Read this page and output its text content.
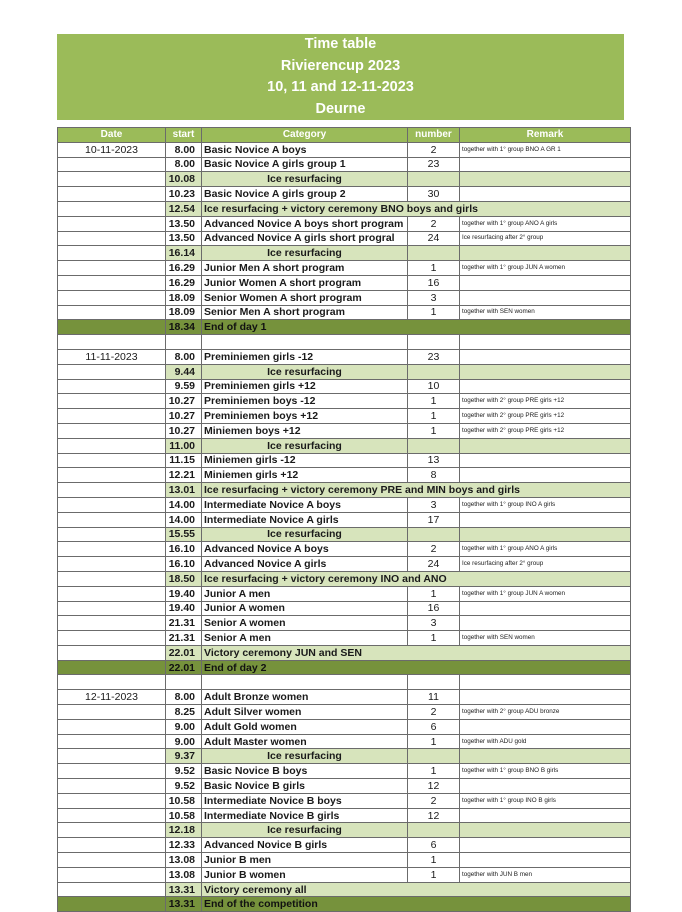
Time table
Rivierencup 2023
10, 11 and 12-11-2023
Deurne
Date	start	Category	number	Remark
10-11-2023	8.00	Basic Novice A boys	2	together with 1° group BNO A GR 1
	8.00	Basic Novice A girls group 1	23	
	10.08	Ice resurfacing		
	10.23	Basic Novice A girls group 2	30	
	12.54	Ice resurfacing + victory ceremony BNO boys and girls		
	13.50	Advanced Novice A boys short program	2	together with 1° group ANO A girls
	13.50	Advanced Novice A girls short progral	24	Ice resurfacing after 2° group
	16.14	Ice resurfacing		
	16.29	Junior Men A short program	1	together with 1° group JUN A women
	16.29	Junior Women A short program	16	
	18.09	Senior Women A short program	3	
	18.09	Senior Men A short program	1	together with SEN women
	18.34	End of day 1		

11-11-2023	8.00	Preminiemen girls -12	23	
	9.44	Ice resurfacing		
	9.59	Preminiemen girls +12	10	
	10.27	Preminiemen boys -12	1	together with 2° group PRE girls +12
	10.27	Preminiemen boys +12	1	together with 2° group PRE girls +12
	10.27	Miniemen boys +12	1	together with 2° group PRE girls +12
	11.00	Ice resurfacing		
	11.15	Miniemen girls -12	13	
	12.21	Miniemen girls +12	8	
	13.01	Ice resurfacing + victory ceremony PRE and MIN boys and girls		
	14.00	Intermediate Novice A boys	3	together with 1° group INO A girls
	14.00	Intermediate Novice A girls	17	
	15.55	Ice resurfacing		
	16.10	Advanced Novice A boys	2	together with 1° group ANO A girls
	16.10	Advanced Novice A girls	24	Ice resurfacing after 2° group
	18.50	Ice resurfacing + victory ceremony INO and ANO		
	19.40	Junior A men	1	together with 1° group JUN A women
	19.40	Junior A women	16	
	21.31	Senior A women	3	
	21.31	Senior A men	1	together with SEN women
	22.01	Victory ceremony JUN and SEN		
	22.01	End of day 2		

12-11-2023	8.00	Adult Bronze women	11	
	8.25	Adult Silver women	2	together with 2° group ADU bronze
	9.00	Adult Gold women	6	
	9.00	Adult Master women	1	together with ADU gold
	9.37	Ice resurfacing		
	9.52	Basic Novice B boys	1	together with 1° group BNO B girls
	9.52	Basic Novice B girls	12	
	10.58	Intermediate Novice B boys	2	together with 1° group INO B girls
	10.58	Intermediate Novice B girls	12	
	12.18	Ice resurfacing		
	12.33	Advanced Novice B girls	6	
	13.08	Junior B men	1	
	13.08	Junior B women	1	together with JUN B men
	13.31	Victory ceremony all		
	13.31	End of the competition		
